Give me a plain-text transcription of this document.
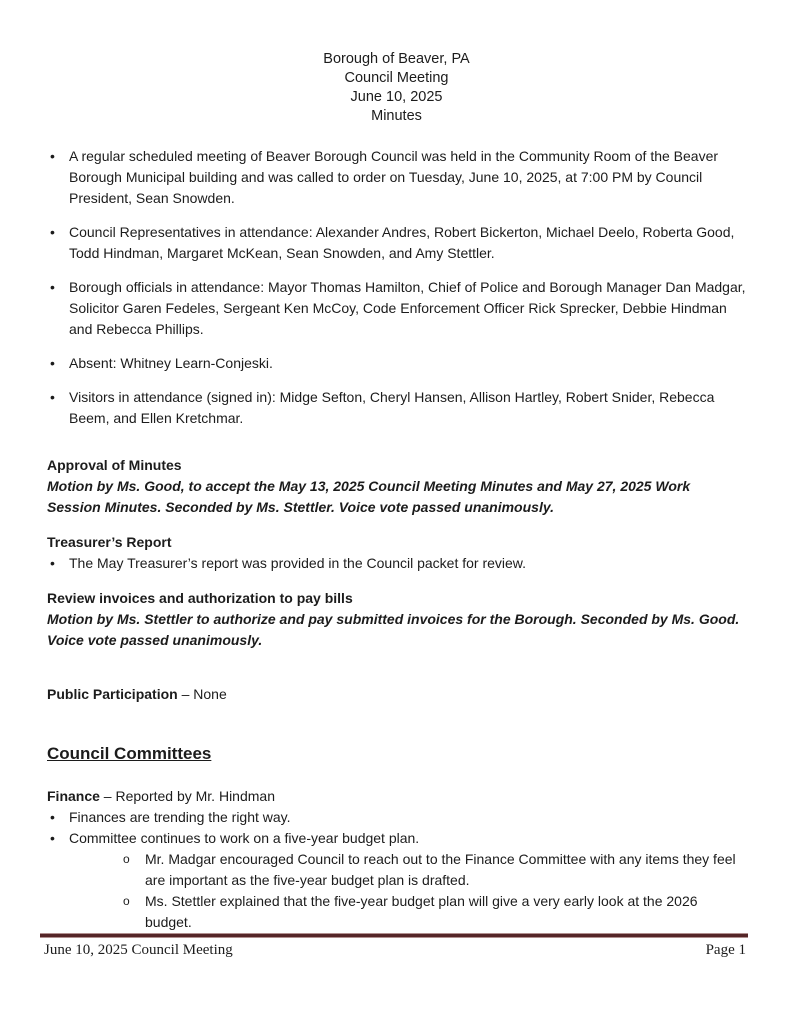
Borough of Beaver, PA
Council Meeting
June 10, 2025
Minutes
•	A regular scheduled meeting of Beaver Borough Council was held in the Community Room of the Beaver Borough Municipal building and was called to order on Tuesday, June 10, 2025, at 7:00 PM by Council President, Sean Snowden.
•	Council Representatives in attendance: Alexander Andres, Robert Bickerton, Michael Deelo, Roberta Good, Todd Hindman, Margaret McKean, Sean Snowden, and Amy Stettler.
•	Borough officials in attendance: Mayor Thomas Hamilton, Chief of Police and Borough Manager Dan Madgar, Solicitor Garen Fedeles, Sergeant Ken McCoy, Code Enforcement Officer Rick Sprecker, Debbie Hindman and Rebecca Phillips.
•	Absent: Whitney Learn-Conjeski.
•	Visitors in attendance (signed in): Midge Sefton, Cheryl Hansen, Allison Hartley, Robert Snider, Rebecca Beem, and Ellen Kretchmar.
Approval of Minutes
Motion by Ms. Good, to accept the May 13, 2025 Council Meeting Minutes and May 27, 2025 Work Session Minutes. Seconded by Ms. Stettler. Voice vote passed unanimously.
Treasurer’s Report
•	The May Treasurer’s report was provided in the Council packet for review.
Review invoices and authorization to pay bills
Motion by Ms. Stettler to authorize and pay submitted invoices for the Borough. Seconded by Ms. Good. Voice vote passed unanimously.
Public Participation – None
Council Committees
Finance – Reported by Mr. Hindman
•	Finances are trending the right way.
•	Committee continues to work on a five-year budget plan.
o	Mr. Madgar encouraged Council to reach out to the Finance Committee with any items they feel are important as the five-year budget plan is drafted.
o	Ms. Stettler explained that the five-year budget plan will give a very early look at the 2026 budget.
June 10, 2025 Council Meeting	Page 1
